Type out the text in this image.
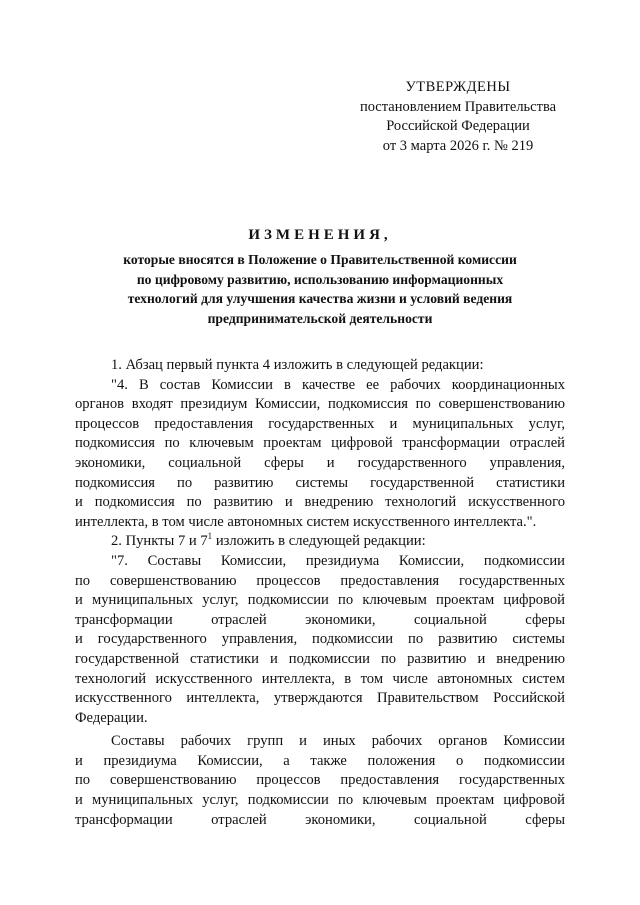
УТВЕРЖДЕНЫ
постановлением Правительства
Российской Федерации
от 3 марта 2026 г. № 219
ИЗМЕНЕНИЯ,
которые вносятся в Положение о Правительственной комиссии
по цифровому развитию, использованию информационных
технологий для улучшения качества жизни и условий ведения
предпринимательской деятельности

1. Абзац первый пункта 4 изложить в следующей редакции:

"4. В состав Комиссии в качестве ее рабочих координационных

органов входят президиум Комиссии, подкомиссия по совершенствованию

процессов предоставления государственных и муниципальных услуг,

подкомиссия по ключевым проектам цифровой трансформации отраслей

экономики, социальной сферы и государственного управления,

подкомиссия по развитию системы государственной статистики

и подкомиссия по развитию и внедрению технологий искусственного

интеллекта, в том числе автономных систем искусственного интеллекта.".

2. Пункты 7 и $7^1$ изложить в следующей редакции:

"7. Составы Комиссии, президиума Комиссии, подкомиссии

по совершенствованию процессов предоставления государственных

и муниципальных услуг, подкомиссии по ключевым проектам цифровой

трансформации отраслей экономики, социальной сферы

и государственного управления, подкомиссии по развитию системы

государственной статистики и подкомиссии по развитию и внедрению

технологий искусственного интеллекта, в том числе автономных систем

искусственного интеллекта, утверждаются Правительством Российской

Федерации.

Составы рабочих групп и иных рабочих органов Комиссии

и президиума Комиссии, а также положения о подкомиссии

по совершенствованию процессов предоставления государственных

и муниципальных услуг, подкомиссии по ключевым проектам цифровой

трансформации отраслей экономики, социальной сферы
